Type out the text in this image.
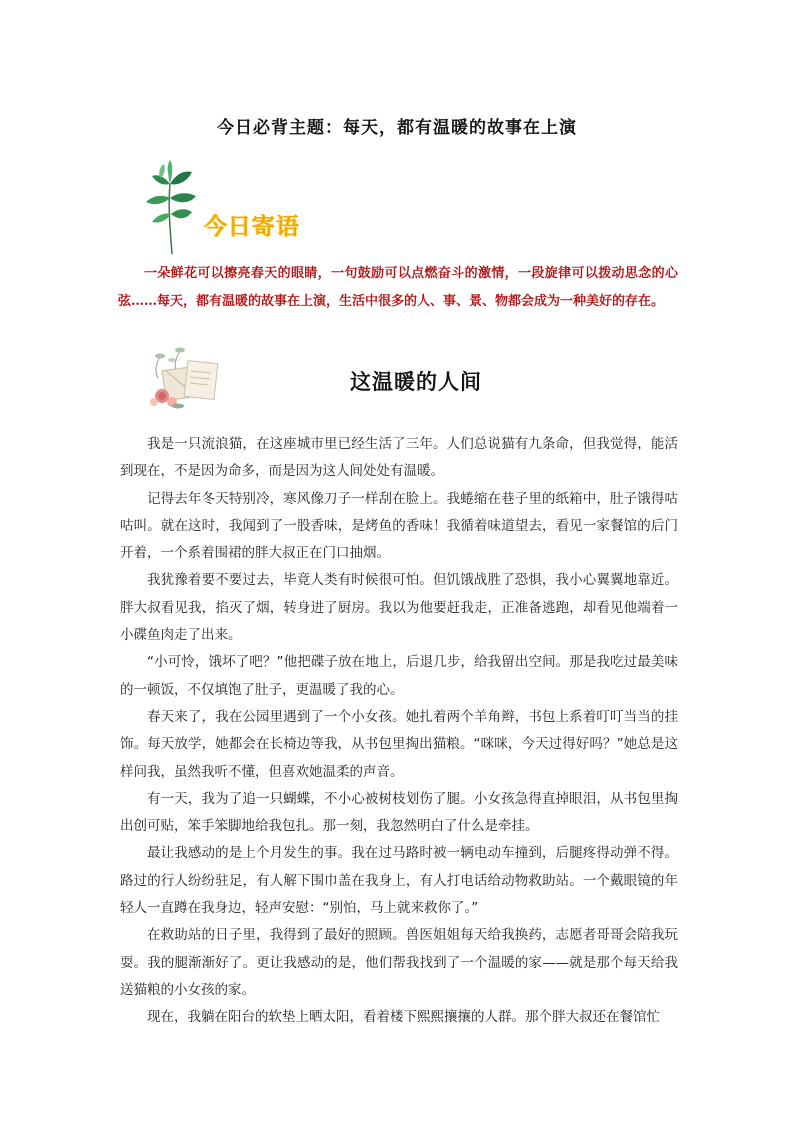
今日必背主题：每天，都有温暖的故事在上演
今日寄语

一朵鲜花可以擦亮春天的眼睛，一句鼓励可以点燃奋斗的激情，一段旋律可以拨动思念的心弦……每天，都有温暖的故事在上演，生活中很多的人、事、景、物都会成为一种美好的存在。

这温暖的人间

我是一只流浪猫，在这座城市里已经生活了三年。人们总说猫有九条命，但我觉得，能活到现在，不是因为命多，而是因为这人间处处有温暖。

记得去年冬天特别冷，寒风像刀子一样刮在脸上。我蜷缩在巷子里的纸箱中，肚子饿得咕咕叫。就在这时，我闻到了一股香味，是烤鱼的香味！我循着味道望去，看见一家餐馆的后门开着，一个系着围裙的胖大叔正在门口抽烟。

我犹豫着要不要过去，毕竟人类有时候很可怕。但饥饿战胜了恐惧，我小心翼翼地靠近。胖大叔看见我，掐灭了烟，转身进了厨房。我以为他要赶我走，正准备逃跑，却看见他端着一小碟鱼肉走了出来。

“小可怜，饿坏了吧？”他把碟子放在地上，后退几步，给我留出空间。那是我吃过最美味的一顿饭，不仅填饱了肚子，更温暖了我的心。

春天来了，我在公园里遇到了一个小女孩。她扎着两个羊角辫，书包上系着叮叮当当的挂饰。每天放学，她都会在长椅边等我，从书包里掏出猫粮。“咪咪，今天过得好吗？”她总是这样问我，虽然我听不懂，但喜欢她温柔的声音。

有一天，我为了追一只蝴蝶，不小心被树枝划伤了腿。小女孩急得直掉眼泪，从书包里掏出创可贴，笨手笨脚地给我包扎。那一刻，我忽然明白了什么是牵挂。

最让我感动的是上个月发生的事。我在过马路时被一辆电动车撞到，后腿疼得动弹不得。路过的行人纷纷驻足，有人解下围巾盖在我身上，有人打电话给动物救助站。一个戴眼镜的年轻人一直蹲在我身边，轻声安慰：“别怕，马上就来救你了。”

在救助站的日子里，我得到了最好的照顾。兽医姐姐每天给我换药，志愿者哥哥会陪我玩耍。我的腿渐渐好了。更让我感动的是，他们帮我找到了一个温暖的家——就是那个每天给我送猫粮的小女孩的家。

现在，我躺在阳台的软垫上晒太阳，看着楼下熙熙攘攘的人群。那个胖大叔还在餐馆忙
